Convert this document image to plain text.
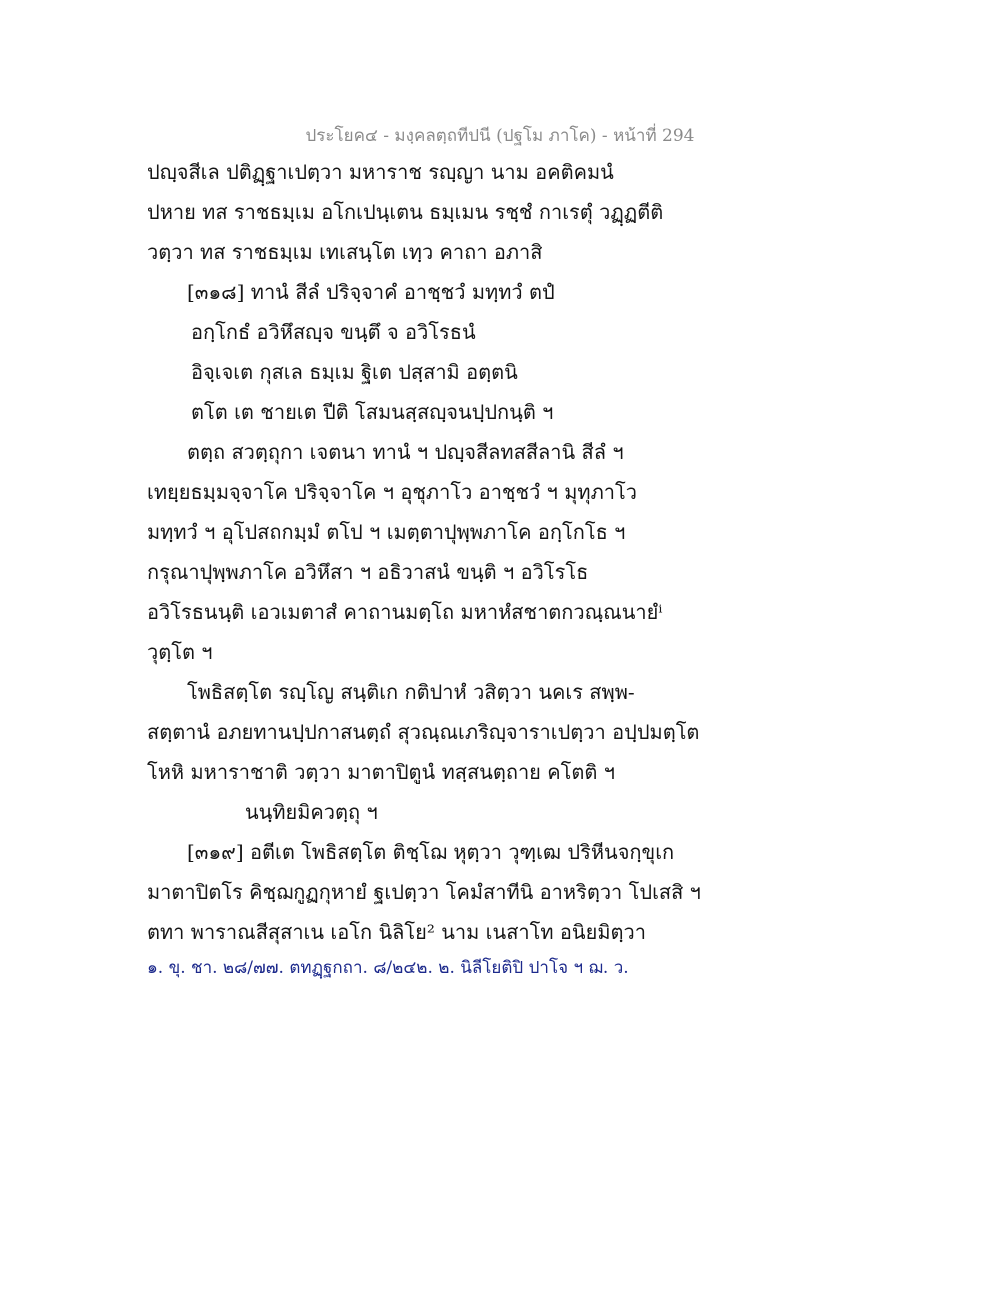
ประโยค๔ - มงฺคลตฺถทีปนี (ปฐโม ภาโค) - หน้าที่ 294
ปญฺจสีเล ปติฏฺฐาเปตฺวา มหาราช รญฺญา นาม อคติคมนํ
ปหาย ทส ราชธมฺเม อโกเปนฺเตน ธมฺเมน รชฺชํ กาเรตุํ วฏฺฏตีติ
วตฺวา ทส ราชธมฺเม เทเสนฺโต เทฺว คาถา อภาสิ
[๓๑๘] ทานํ สีลํ ปริจฺจาคํ อาชฺชวํ มทฺทวํ ตปํ
อกฺโกธํ อวิหึสญฺจ ขนฺตึ จ อวิโรธนํ
อิจฺเจเต กุสเล ธมฺเม ฐิเต ปสฺสามิ อตฺตนิ
ตโต เต ชายเต ปีติ โสมนสฺสญฺจนปฺปกนฺติ ฯ
ตตฺถ สวตฺถุกา เจตนา ทานํ ฯ ปญฺจสีลทสสีลานิ สีลํ ฯ
เทยฺยธมฺมจฺจาโค ปริจฺจาโค ฯ อุชุภาโว อาชฺชวํ ฯ มุทุภาโว
มทฺทวํ ฯ อุโปสถกมฺมํ ตโป ฯ เมตฺตาปุพฺพภาโค อกฺโกโธ ฯ
กรุณาปุพฺพภาโค อวิหึสา ฯ อธิวาสนํ ขนฺติ ฯ อวิโรโธ
อวิโรธนนฺติ เอวเมตาสํ คาถานมตฺโถ มหาหํสชาตกวณฺณนายํⁱ
วุตฺโต ฯ
โพธิสตฺโต รญฺโญ สนฺติเก กติปาหํ วสิตฺวา นคเร สพฺพ-
สตฺตานํ อภยทานปฺปกาสนตฺถํ สุวณฺณเภริญฺจาราเปตฺวา อปฺปมตฺโต
โหหิ มหาราชาติ วตฺวา มาตาปิตูนํ ทสฺสนตฺถาย คโตติ ฯ
นนฺทิยมิควตฺถุ ฯ
[๓๑๙] อตีเต โพธิสตฺโต ติชฺโฌ หุตฺวา วุฑฺเฒ ปริหีนจกฺขุเก
มาตาปิตโร คิชฺฌกูฏกุหายํ ฐเปตฺวา โคมํสาทีนิ อาหริตฺวา โปเสสิ ฯ
ตทา พาราณสีสุสาเน เอโก นิลิโย² นาม เนสาโท อนิยมิตฺวา
๑. ขุ. ชา. ๒๘/๗๗. ตทฏฺฐกถา. ๘/๒๔๒. ๒. นิลีโยติปิ ปาโจ ฯ ฌ. ว.
